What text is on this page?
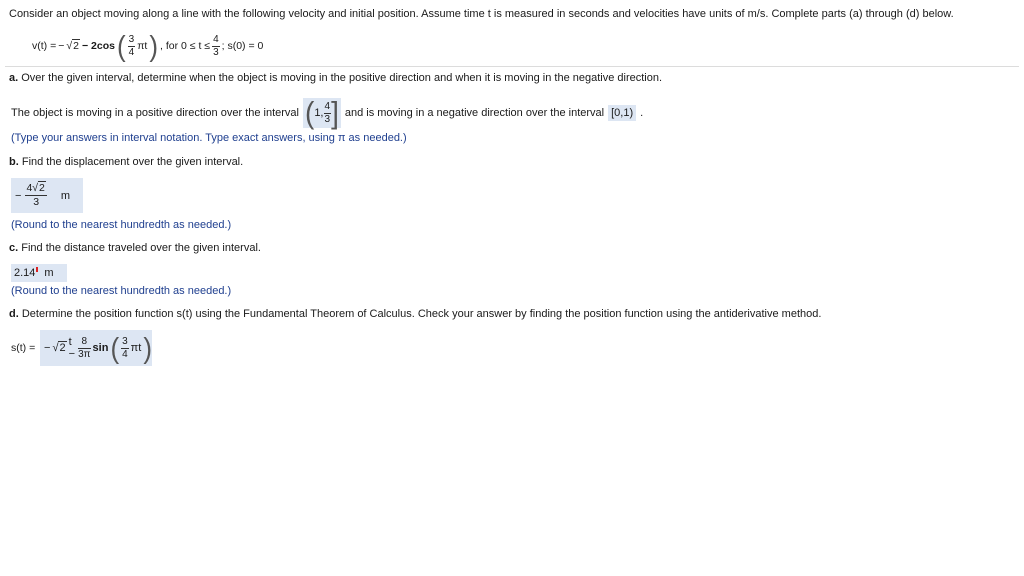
Consider an object moving along a line with the following velocity and initial position. Assume time t is measured in seconds and velocities have units of m/s. Complete parts (a) through (d) below.
v(t) = − √2 − 2cos ( $\frac{3}{4}$ πt ) , for $0 \le t \le \frac{4}{3}$ ; s(0) = 0
a. Over the given interval, determine when the object is moving in the positive direction and when it is moving in the negative direction.
The object is moving in a positive direction over the interval ( 1, $\frac{4}{3}$ ] and is moving in a negative direction over the interval [0,1) .
(Type your answers in interval notation. Type exact answers, using π as needed.)
b. Find the displacement over the given interval.
− $\frac{4√2}{3}$ m
(Round to the nearest hundredth as needed.)
c. Find the distance traveled over the given interval.
2.14 m
(Round to the nearest hundredth as needed.)
d. Determine the position function s(t) using the Fundamental Theorem of Calculus. Check your answer by finding the position function using the antiderivative method.
s(t) = − √2 $t - \frac{8}{3\pi}$ sin ( $\frac{3}{4}$ πt )
